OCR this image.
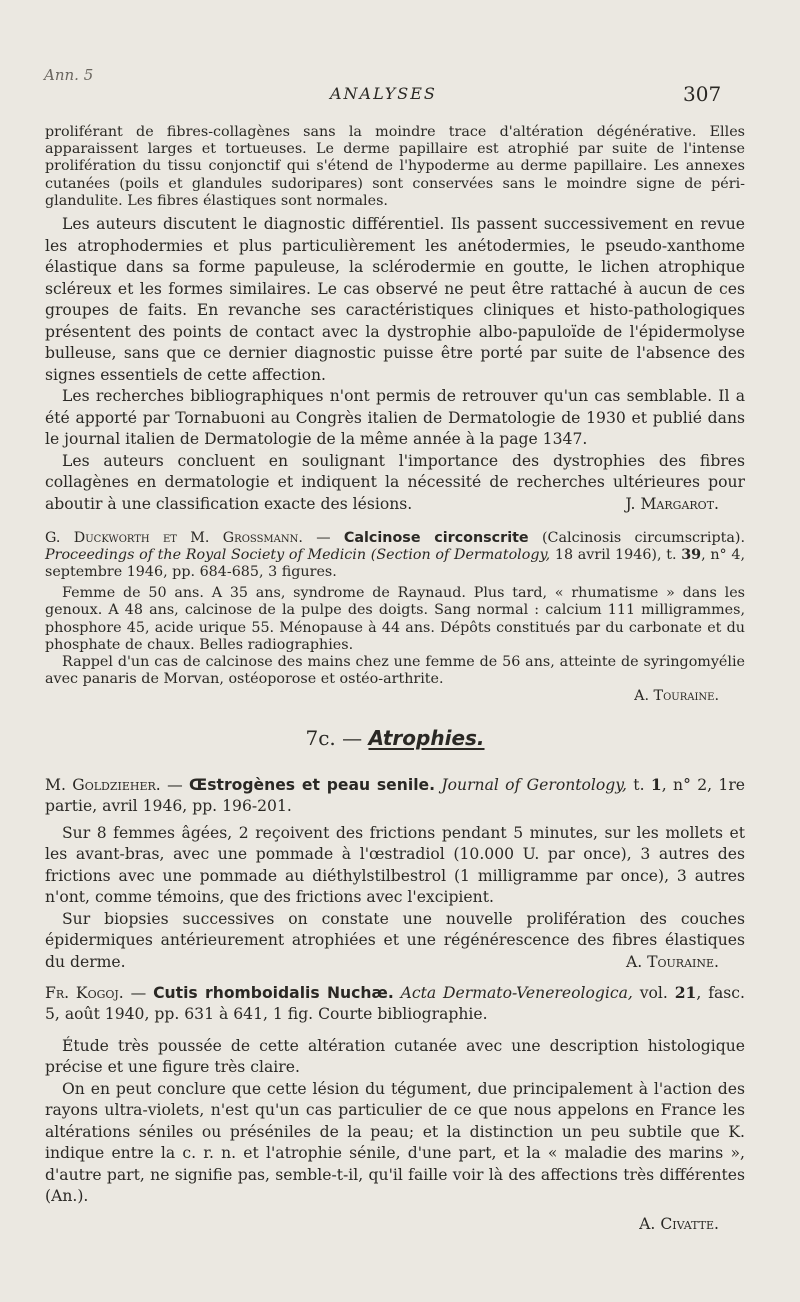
Ann. 5
ANALYSES	307

proliférant de fibres-collagènes sans la moindre trace d'altération dégénérative. Elles apparaissent larges et tortueuses. Le derme papillaire est atrophié par suite de l'intense prolifération du tissu conjonctif qui s'étend de l'hypoderme au derme papillaire. Les annexes cutanées (poils et glandules sudoripares) sont conservées sans le moindre signe de péri-glandulite. Les fibres élastiques sont normales.

Les auteurs discutent le diagnostic différentiel. Ils passent successivement en revue les atrophodermies et plus particulièrement les anétodermies, le pseudo-xanthome élastique dans sa forme papuleuse, la sclérodermie en goutte, le lichen atrophique scléreux et les formes similaires. Le cas observé ne peut être rattaché à aucun de ces groupes de faits. En revanche ses caractéristiques cliniques et histo-pathologiques présentent des points de contact avec la dystrophie albo-papuloïde de l'épidermolyse bulleuse, sans que ce dernier diagnostic puisse être porté par suite de l'absence des signes essentiels de cette affection.

Les recherches bibliographiques n'ont permis de retrouver qu'un cas semblable. Il a été apporté par Tornabuoni au Congrès italien de Dermatologie de 1930 et publié dans le journal italien de Dermatologie de la même année à la page 1347.

Les auteurs concluent en soulignant l'importance des dystrophies des fibres collagènes en dermatologie et indiquent la nécessité de recherches ultérieures pour aboutir à une classification exacte des lésions.	J. Margarot.

G. Duckworth et M. Grossmann. — Calcinose circonscrite (Calcinosis circumscripta). Proceedings of the Royal Society of Medicin (Section of Dermatology, 18 avril 1946), t. 39, n° 4, septembre 1946, pp. 684-685, 3 figures.

Femme de 50 ans. A 35 ans, syndrome de Raynaud. Plus tard, « rhumatisme » dans les genoux. A 48 ans, calcinose de la pulpe des doigts. Sang normal : calcium 111 milligrammes, phosphore 45, acide urique 55. Ménopause à 44 ans. Dépôts constitués par du carbonate et du phosphate de chaux. Belles radiographies.

Rappel d'un cas de calcinose des mains chez une femme de 56 ans, atteinte de syringomyélie avec panaris de Morvan, ostéoporose et ostéo-arthrite.

A. Touraine.

7c. — Atrophies.

M. Goldzieher. — Œstrogènes et peau senile. Journal of Gerontology, t. 1, n° 2, 1re partie, avril 1946, pp. 196-201.

Sur 8 femmes âgées, 2 reçoivent des frictions pendant 5 minutes, sur les mollets et les avant-bras, avec une pommade à l'œstradiol (10.000 U. par once), 3 autres des frictions avec une pommade au diéthylstilbestrol (1 milligramme par once), 3 autres n'ont, comme témoins, que des frictions avec l'excipient.

Sur biopsies successives on constate une nouvelle prolifération des couches épidermiques antérieurement atrophiées et une régénérescence des fibres élastiques du derme.	A. Touraine.

Fr. Kogoj. — Cutis rhomboidalis Nuchæ. Acta Dermato-Venereologica, vol. 21, fasc. 5, août 1940, pp. 631 à 641, 1 fig. Courte bibliographie.

Étude très poussée de cette altération cutanée avec une description histologique précise et une figure très claire.

On en peut conclure que cette lésion du tégument, due principalement à l'action des rayons ultra-violets, n'est qu'un cas particulier de ce que nous appelons en France les altérations séniles ou préséniles de la peau; et la distinction un peu subtile que K. indique entre la c. r. n. et l'atrophie sénile, d'une part, et la « maladie des marins », d'autre part, ne signifie pas, semble-t-il, qu'il faille voir là des affections très différentes (An.).

A. Civatte.
